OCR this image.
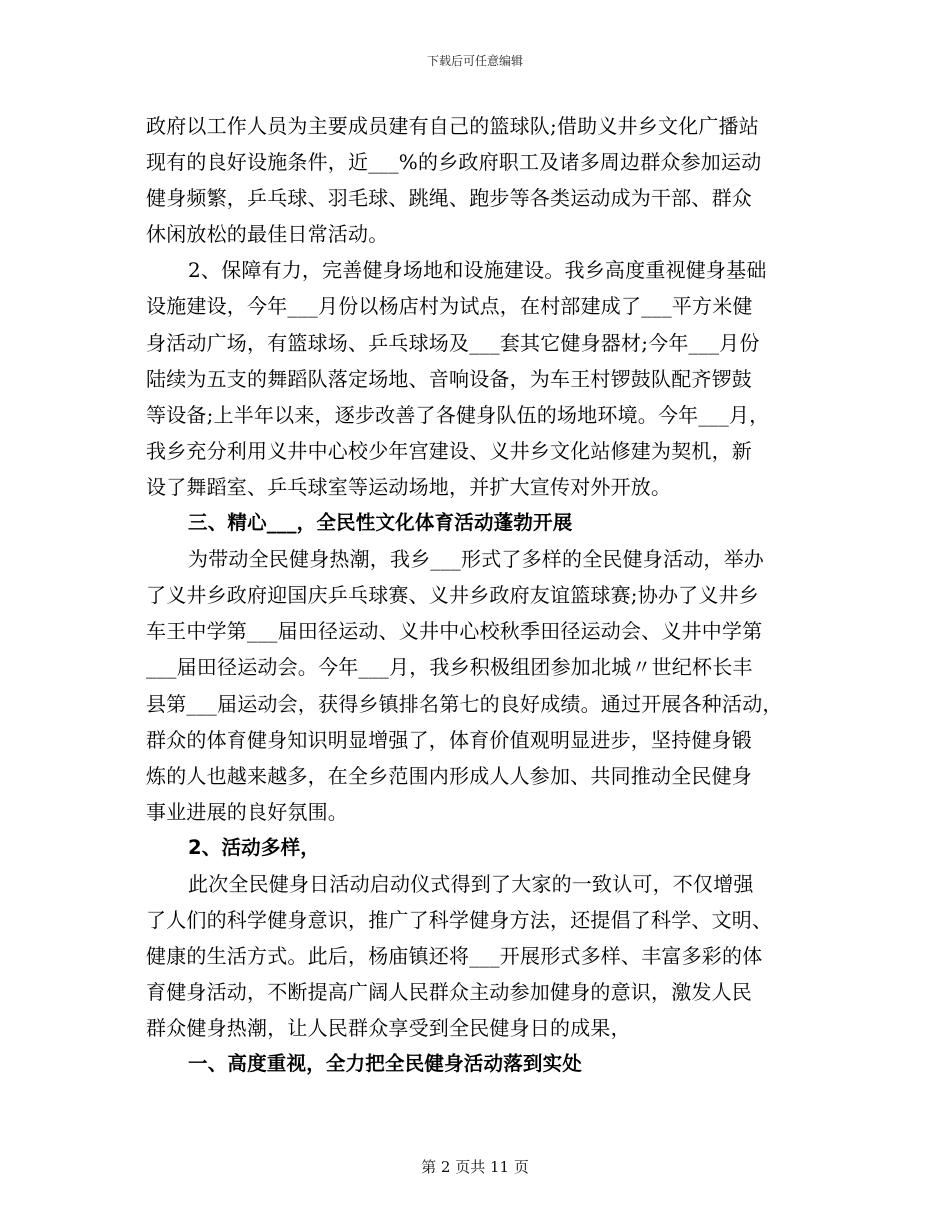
下载后可任意编辑
政府以工作人员为主要成员建有自己的篮球队;借助义井乡文化广播站
现有的良好设施条件，近___%的乡政府职工及诸多周边群众参加运动
健身频繁，乒乓球、羽毛球、跳绳、跑步等各类运动成为干部、群众
休闲放松的最佳日常活动。
2、保障有力，完善健身场地和设施建设。我乡高度重视健身基础
设施建设，今年___月份以杨店村为试点，在村部建成了___平方米健
身活动广场，有篮球场、乒乓球场及___套其它健身器材;今年___月份
陆续为五支的舞蹈队落定场地、音响设备，为车王村锣鼓队配齐锣鼓
等设备;上半年以来，逐步改善了各健身队伍的场地环境。今年___月，
我乡充分利用义井中心校少年宫建设、义井乡文化站修建为契机，新
设了舞蹈室、乒乓球室等运动场地，并扩大宣传对外开放。
三、精心___，全民性文化体育活动蓬勃开展
为带动全民健身热潮，我乡___形式了多样的全民健身活动，举办
了义井乡政府迎国庆乒乓球赛、义井乡政府友谊篮球赛;协办了义井乡
车王中学第___届田径运动、义井中心校秋季田径运动会、义井中学第
___届田径运动会。今年___月，我乡积极组团参加北城〃世纪杯长丰
县第___届运动会，获得乡镇排名第七的良好成绩。通过开展各种活动，
群众的体育健身知识明显增强了，体育价值观明显进步，坚持健身锻
炼的人也越来越多，在全乡范围内形成人人参加、共同推动全民健身
事业进展的良好氛围。
2、活动多样，
此次全民健身日活动启动仪式得到了大家的一致认可，不仅增强
了人们的科学健身意识，推广了科学健身方法，还提倡了科学、文明、
健康的生活方式。此后，杨庙镇还将___开展形式多样、丰富多彩的体
育健身活动，不断提高广阔人民群众主动参加健身的意识，激发人民
群众健身热潮，让人民群众享受到全民健身日的成果，
一、高度重视，全力把全民健身活动落到实处
第 2 页共 11 页
